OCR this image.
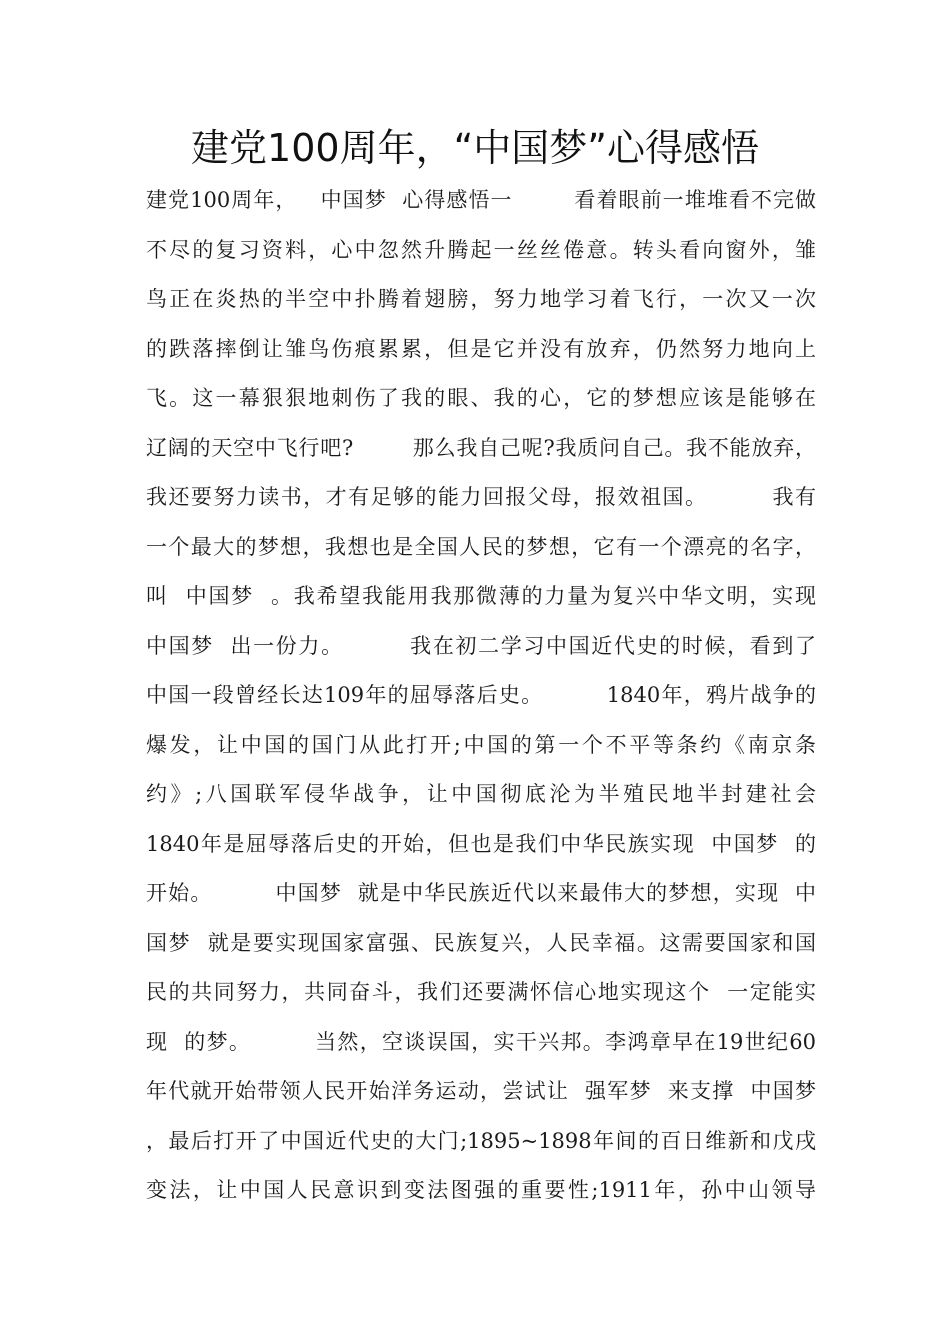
建党100周年，“中国梦”心得感悟
建党100周年，   中国梦  心得感悟一        看着眼前一堆堆看不完做
不尽的复习资料，心中忽然升腾起一丝丝倦意。转头看向窗外，雏
鸟正在炎热的半空中扑腾着翅膀，努力地学习着飞行，一次又一次
的跌落摔倒让雏鸟伤痕累累，但是它并没有放弃，仍然努力地向上
飞。这一幕狠狠地刺伤了我的眼、我的心，它的梦想应该是能够在
辽阔的天空中飞行吧?        那么我自己呢?我质问自己。我不能放弃，
我还要努力读书，才有足够的能力回报父母，报效祖国。        我有
一个最大的梦想，我想也是全国人民的梦想，它有一个漂亮的名字，
叫  中国梦  。我希望我能用我那微薄的力量为复兴中华文明，实现
中国梦  出一份力。        我在初二学习中国近代史的时候，看到了
中国一段曾经长达109年的屈辱落后史。        1840年，鸦片战争的
爆发，让中国的国门从此打开;中国的第一个不平等条约《南京条
约》;八国联军侵华战争，让中国彻底沦为半殖民地半封建社会
1840年是屈辱落后史的开始，但也是我们中华民族实现  中国梦  的
开始。        中国梦  就是中华民族近代以来最伟大的梦想，实现  中
国梦  就是要实现国家富强、民族复兴，人民幸福。这需要国家和国
民的共同努力，共同奋斗，我们还要满怀信心地实现这个  一定能实
现  的梦。        当然，空谈误国，实干兴邦。李鸿章早在19世纪60
年代就开始带领人民开始洋务运动，尝试让  强军梦  来支撑  中国梦
，最后打开了中国近代史的大门;1895~1898年间的百日维新和戊戌
变法，让中国人民意识到变法图强的重要性;1911年，孙中山领导
